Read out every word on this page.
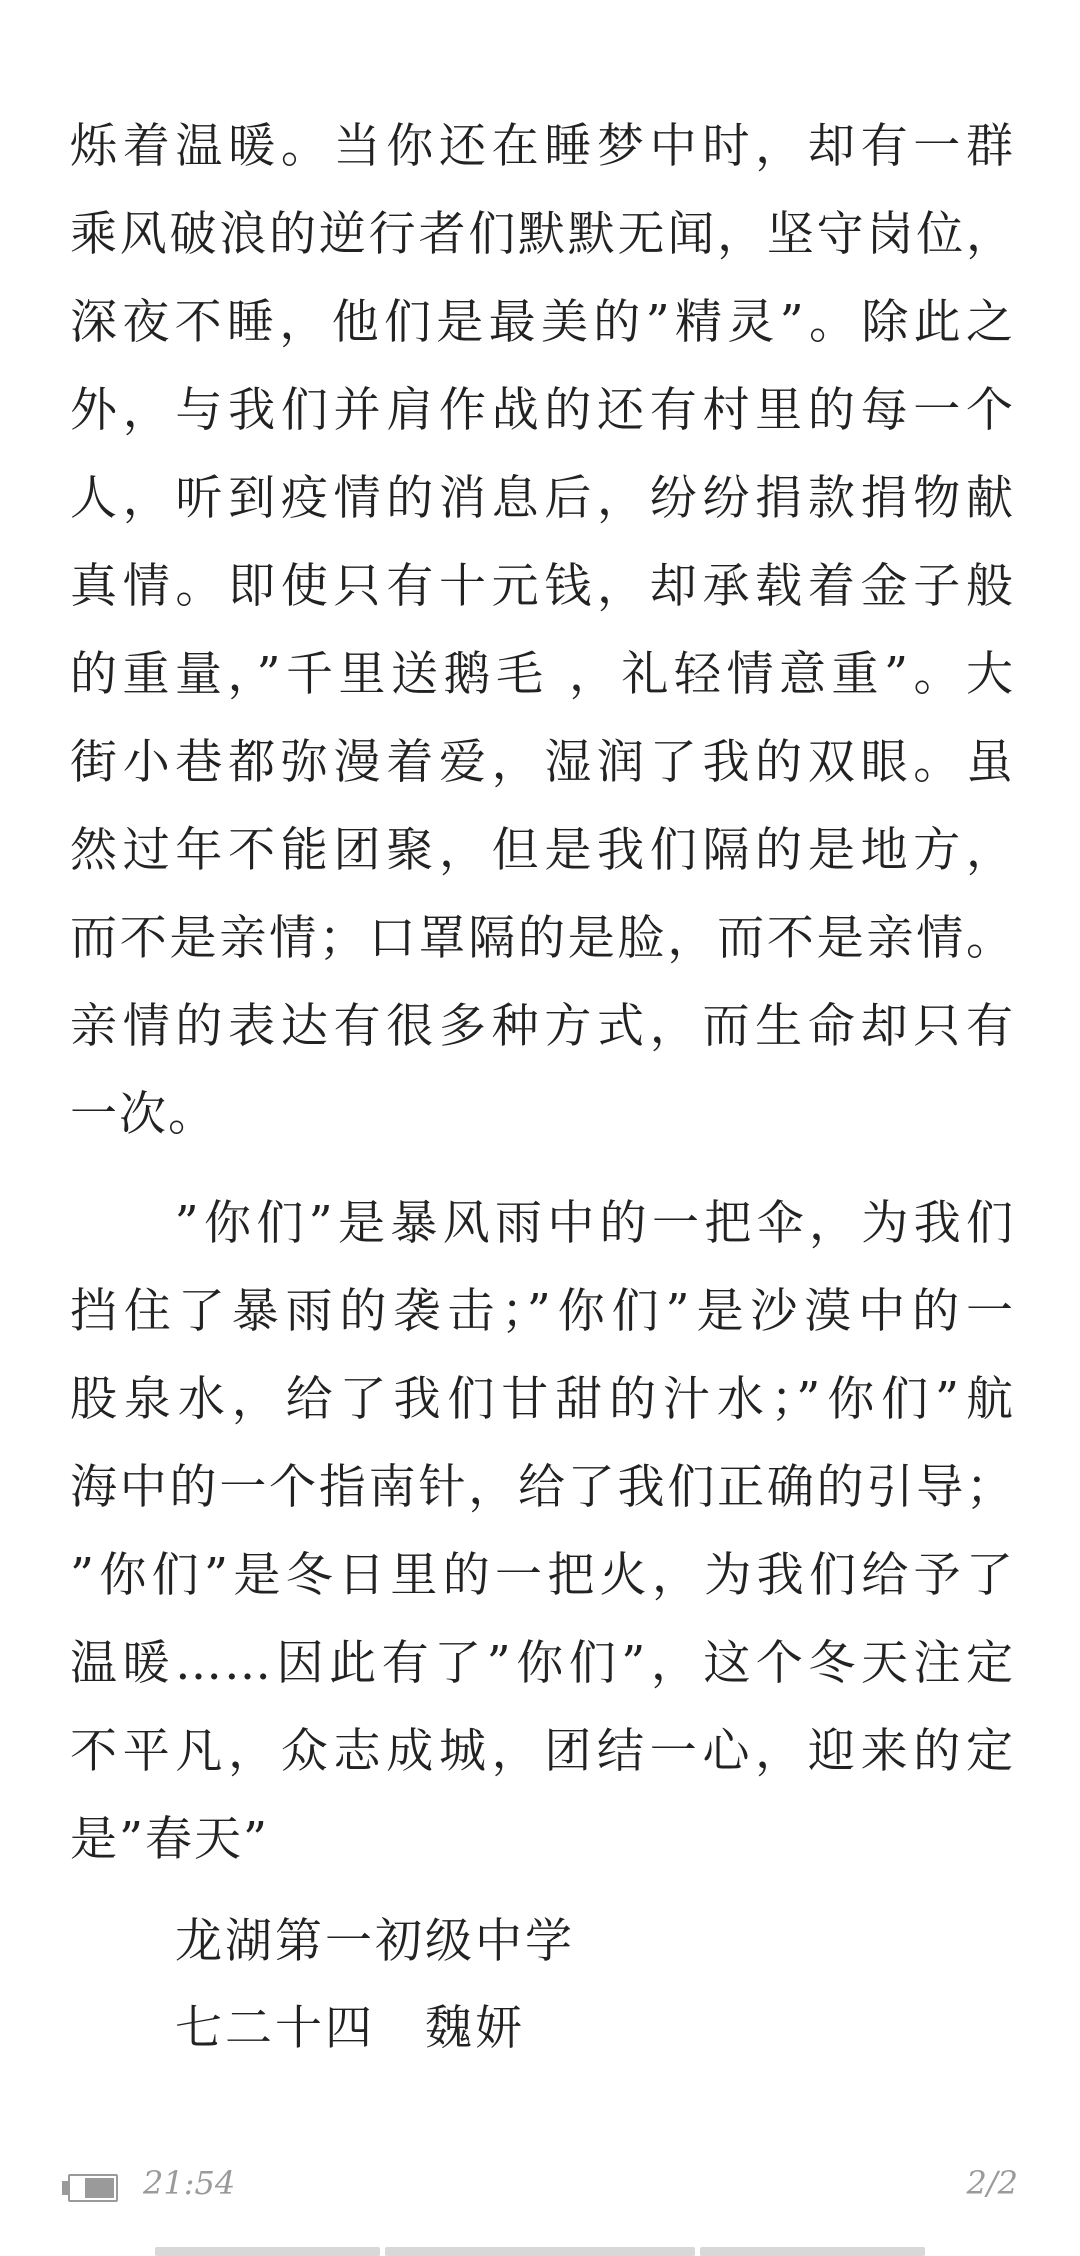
烁着温暖。当你还在睡梦中时，却有一群
乘风破浪的逆行者们默默无闻，坚守岗位，
深夜不睡，他们是最美的”精灵”。除此之
外，与我们并肩作战的还有村里的每一个
人，听到疫情的消息后，纷纷捐款捐物献
真情。即使只有十元钱，却承载着金子般
的重量，”千里送鹅毛 ，礼轻情意重”。大
街小巷都弥漫着爱，湿润了我的双眼。虽
然过年不能团聚，但是我们隔的是地方，
而不是亲情；口罩隔的是脸，而不是亲情。
亲情的表达有很多种方式，而生命却只有
一次。
　　”你们”是暴风雨中的一把伞，为我们
挡住了暴雨的袭击；”你们”是沙漠中的一
股泉水，给了我们甘甜的汁水；”你们”航
海中的一个指南针，给了我们正确的引导；
”你们”是冬日里的一把火，为我们给予了
温暖……因此有了”你们”，这个冬天注定
不平凡，众志成城，团结一心，迎来的定
是”春天”
龙湖第一初级中学
七二十四　魏妍
21:54	2/2
